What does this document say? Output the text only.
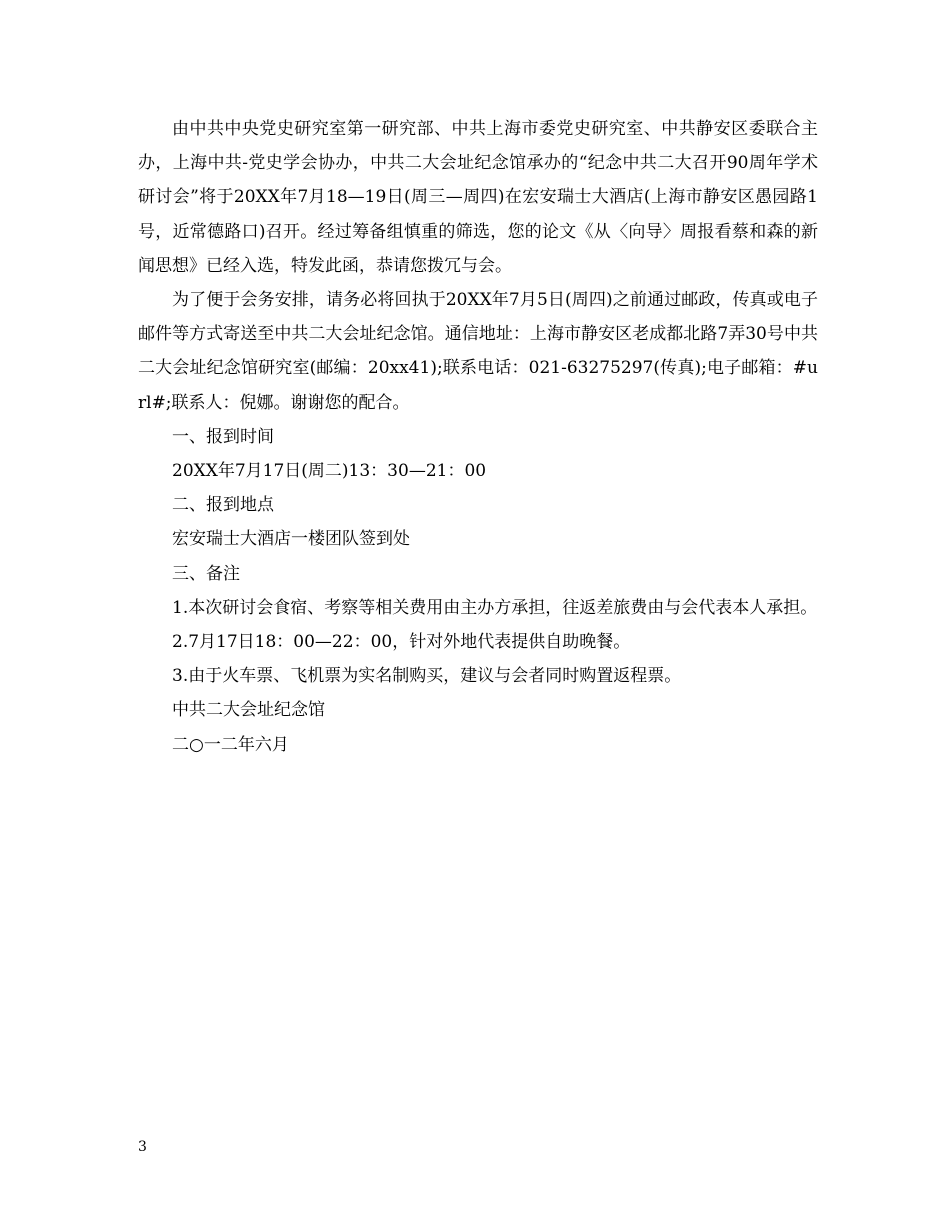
由中共中央党史研究室第一研究部、中共上海市委党史研究室、中共静安区委联合主办，上海中共-党史学会协办，中共二大会址纪念馆承办的“纪念中共二大召开90周年学术研讨会”将于20XX年7月18—19日(周三—周四)在宏安瑞士大酒店(上海市静安区愚园路1号，近常德路口)召开。经过筹备组慎重的筛选，您的论文《从〈向导〉周报看蔡和森的新闻思想》已经入选，特发此函，恭请您拨冗与会。

为了便于会务安排，请务必将回执于20XX年7月5日(周四)之前通过邮政，传真或电子邮件等方式寄送至中共二大会址纪念馆。通信地址：上海市静安区老成都北路7弄30号中共二大会址纪念馆研究室(邮编：20xx41);联系电话：021-63275297(传真);电子邮箱：#url#;联系人：倪娜。谢谢您的配合。

一、报到时间

20XX年7月17日(周二)13：30—21：00

二、报到地点

宏安瑞士大酒店一楼团队签到处

三、备注

1.本次研讨会食宿、考察等相关费用由主办方承担，往返差旅费由与会代表本人承担。

2.7月17日18：00—22：00，针对外地代表提供自助晚餐。

3.由于火车票、飞机票为实名制购买，建议与会者同时购置返程票。

中共二大会址纪念馆

二○一二年六月

3
